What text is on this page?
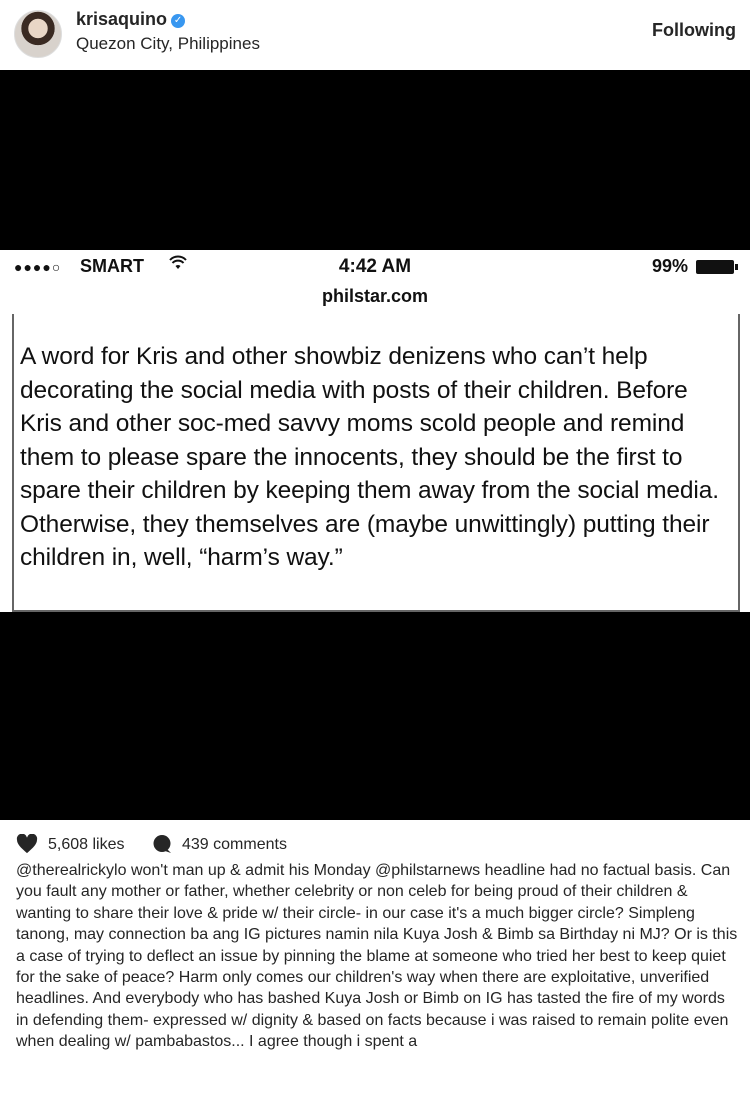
krisaquino ✓
Quezon City, Philippines
Following
●●●●○ SMART	4:42 AM	99%
philstar.com
A word for Kris and other showbiz denizens who can’t help decorating the social media with posts of their children. Before Kris and other soc-med savvy moms scold people and remind them to please spare the innocents, they should be the first to spare their children by keeping them away from the social media. Otherwise, they themselves are (maybe unwittingly) putting their children in, well, “harm’s way.”
5,608 likes	439 comments
@therealrickylo won't man up & admit his Monday @philstarnews headline had no factual basis. Can you fault any mother or father, whether celebrity or non celeb for being proud of their children & wanting to share their love & pride w/ their circle- in our case it's a much bigger circle? Simpleng tanong, may connection ba ang IG pictures namin nila Kuya Josh & Bimb sa Birthday ni MJ? Or is this a case of trying to deflect an issue by pinning the blame at someone who tried her best to keep quiet for the sake of peace? Harm only comes our children's way when there are exploitative, unverified headlines. And everybody who has bashed Kuya Josh or Bimb on IG has tasted the fire of my words in defending them- expressed w/ dignity & based on facts because i was raised to remain polite even when dealing w/ pambabastos... I agree though i spent a
